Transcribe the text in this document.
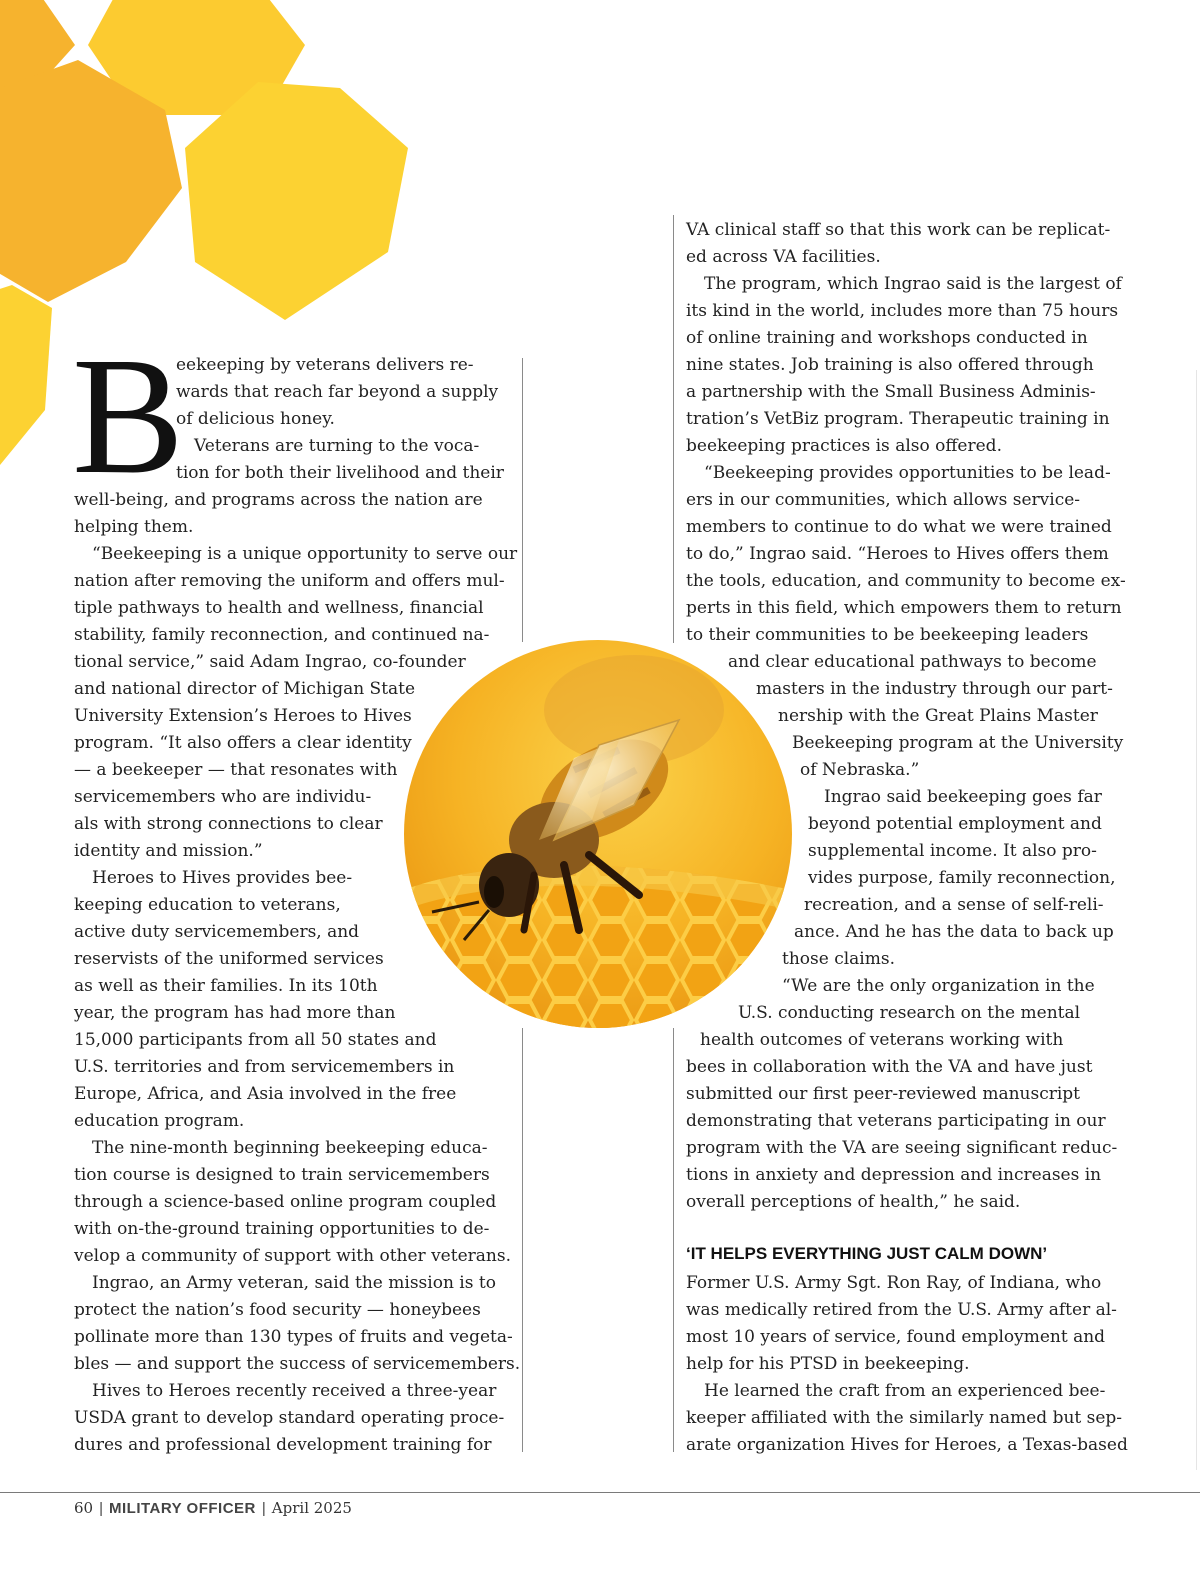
B
eekeeping by veterans delivers re-
wards that reach far beyond a supply
of delicious honey.
Veterans are turning to the voca-
tion for both their livelihood and their
well-being, and programs across the nation are
helping them.
“Beekeeping is a unique opportunity to serve our
nation after removing the uniform and offers mul-
tiple pathways to health and wellness, financial
stability, family reconnection, and continued na-
tional service,” said Adam Ingrao, co-founder
and national director of Michigan State
University Extension’s Heroes to Hives
program. “It also offers a clear identity
— a beekeeper — that resonates with
servicemembers who are individu-
als with strong connections to clear
identity and mission.”
Heroes to Hives provides bee-
keeping education to veterans,
active duty servicemembers, and
reservists of the uniformed services
as well as their families. In its 10th
year, the program has had more than
15,000 participants from all 50 states and
U.S. territories and from servicemembers in
Europe, Africa, and Asia involved in the free
education program.
The nine-month beginning beekeeping educa-
tion course is designed to train servicemembers
through a science-based online program coupled
with on-the-ground training opportunities to de-
velop a community of support with other veterans.
Ingrao, an Army veteran, said the mission is to
protect the nation’s food security — honeybees
pollinate more than 130 types of fruits and vegeta-
bles — and support the success of servicemembers.
Hives to Heroes recently received a three-year
USDA grant to develop standard operating proce-
dures and professional development training for
VA clinical staff so that this work can be replicat-
ed across VA facilities.
The program, which Ingrao said is the largest of
its kind in the world, includes more than 75 hours
of online training and workshops conducted in
nine states. Job training is also offered through
a partnership with the Small Business Adminis-
tration’s VetBiz program. Therapeutic training in
beekeeping practices is also offered.
“Beekeeping provides opportunities to be lead-
ers in our communities, which allows service-
members to continue to do what we were trained
to do,” Ingrao said. “Heroes to Hives offers them
the tools, education, and community to become ex-
perts in this field, which empowers them to return
to their communities to be beekeeping leaders
and clear educational pathways to become
masters in the industry through our part-
nership with the Great Plains Master
Beekeeping program at the University
of Nebraska.”
Ingrao said beekeeping goes far
beyond potential employment and
supplemental income. It also pro-
vides purpose, family reconnection,
recreation, and a sense of self-reli-
ance. And he has the data to back up
those claims.
“We are the only organization in the
U.S. conducting research on the mental
health outcomes of veterans working with
bees in collaboration with the VA and have just
submitted our first peer-reviewed manuscript
demonstrating that veterans participating in our
program with the VA are seeing significant reduc-
tions in anxiety and depression and increases in
overall perceptions of health,” he said.
Former U.S. Army Sgt. Ron Ray, of Indiana, who
was medically retired from the U.S. Army after al-
most 10 years of service, found employment and
help for his PTSD in beekeeping.
He learned the craft from an experienced bee-
keeper affiliated with the similarly named but sep-
arate organization Hives for Heroes, a Texas-based
‘IT HELPS EVERYTHING JUST CALM DOWN’
60 | MILITARY OFFICER | April 2025
